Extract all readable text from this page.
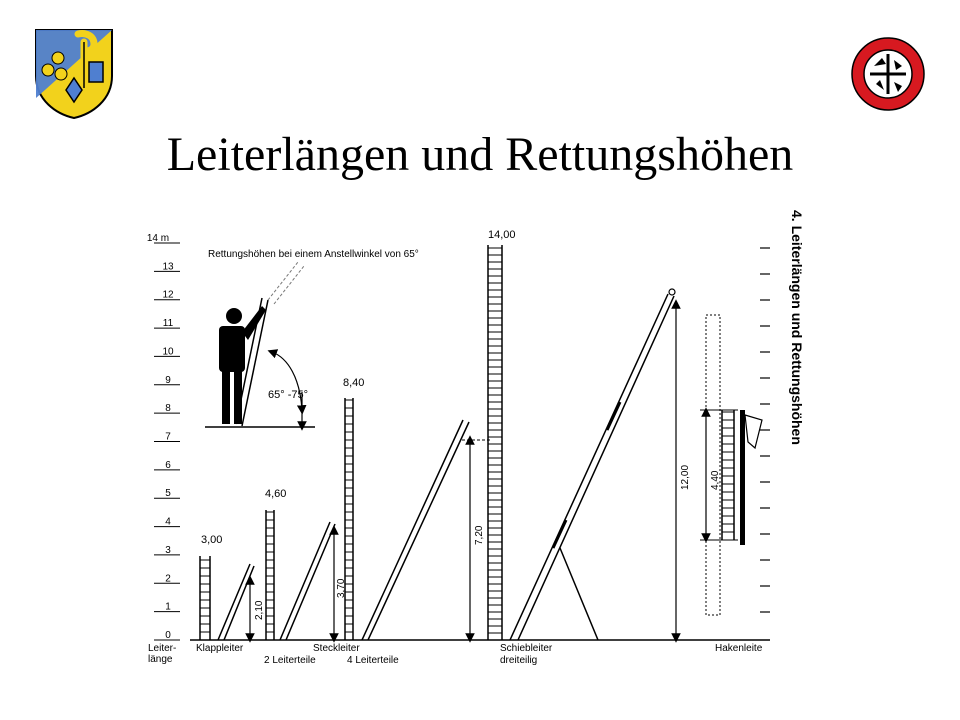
Leiterlängen und Rettungshöhen
0
1
2
3
4
5
6
7
8
9
10
11
12
13
14 m
Leiter-
länge
Rettungshöhen bei einem Anstellwinkel von 65°
65° -75°
3,00
2,10
Klappleiter
4,60
3,70
Steckleiter
2 Leiterteile
8,40
7,20
4 Leiterteile
14,00
12,00
Schiebleiter
dreiteilig
4,40
Hakenleite
4. Leiterlängen und Rettungshöhen
